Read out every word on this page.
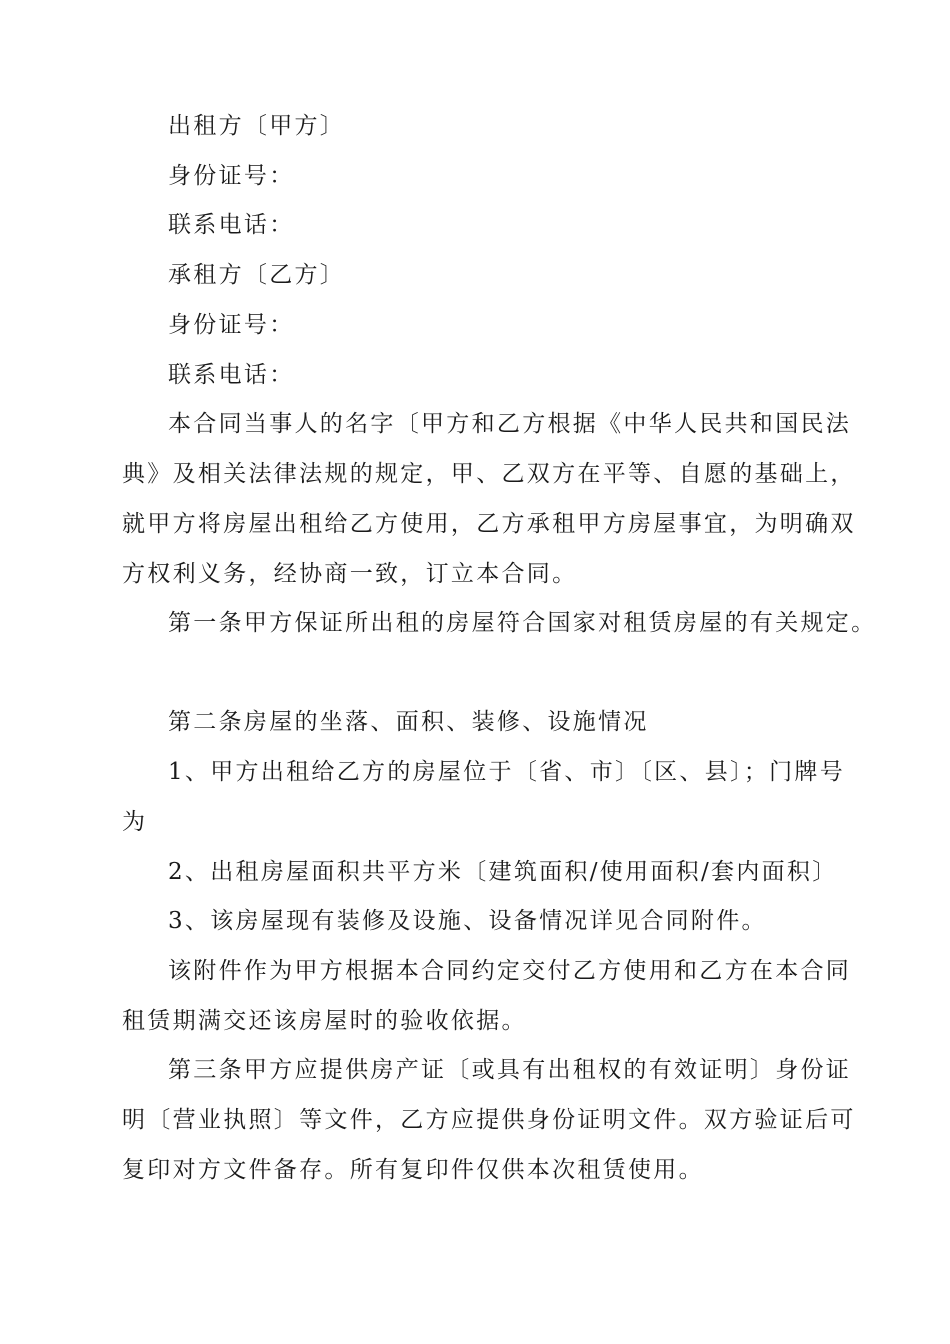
出租方〔甲方〕
身份证号：
联系电话：
承租方〔乙方〕
身份证号：
联系电话：
本合同当事人的名字〔甲方和乙方根据《中华人民共和国民法
典》及相关法律法规的规定，甲、乙双方在平等、自愿的基础上，
就甲方将房屋出租给乙方使用，乙方承租甲方房屋事宜，为明确双
方权利义务，经协商一致，订立本合同。
第一条甲方保证所出租的房屋符合国家对租赁房屋的有关规定。
第二条房屋的坐落、面积、装修、设施情况
1、甲方出租给乙方的房屋位于〔省、市〕〔区、县〕；门牌号
为
2、出租房屋面积共平方米〔建筑面积/使用面积/套内面积〕
3、该房屋现有装修及设施、设备情况详见合同附件。
该附件作为甲方根据本合同约定交付乙方使用和乙方在本合同
租赁期满交还该房屋时的验收依据。
第三条甲方应提供房产证〔或具有出租权的有效证明〕身份证
明〔营业执照〕等文件，乙方应提供身份证明文件。双方验证后可
复印对方文件备存。所有复印件仅供本次租赁使用。
